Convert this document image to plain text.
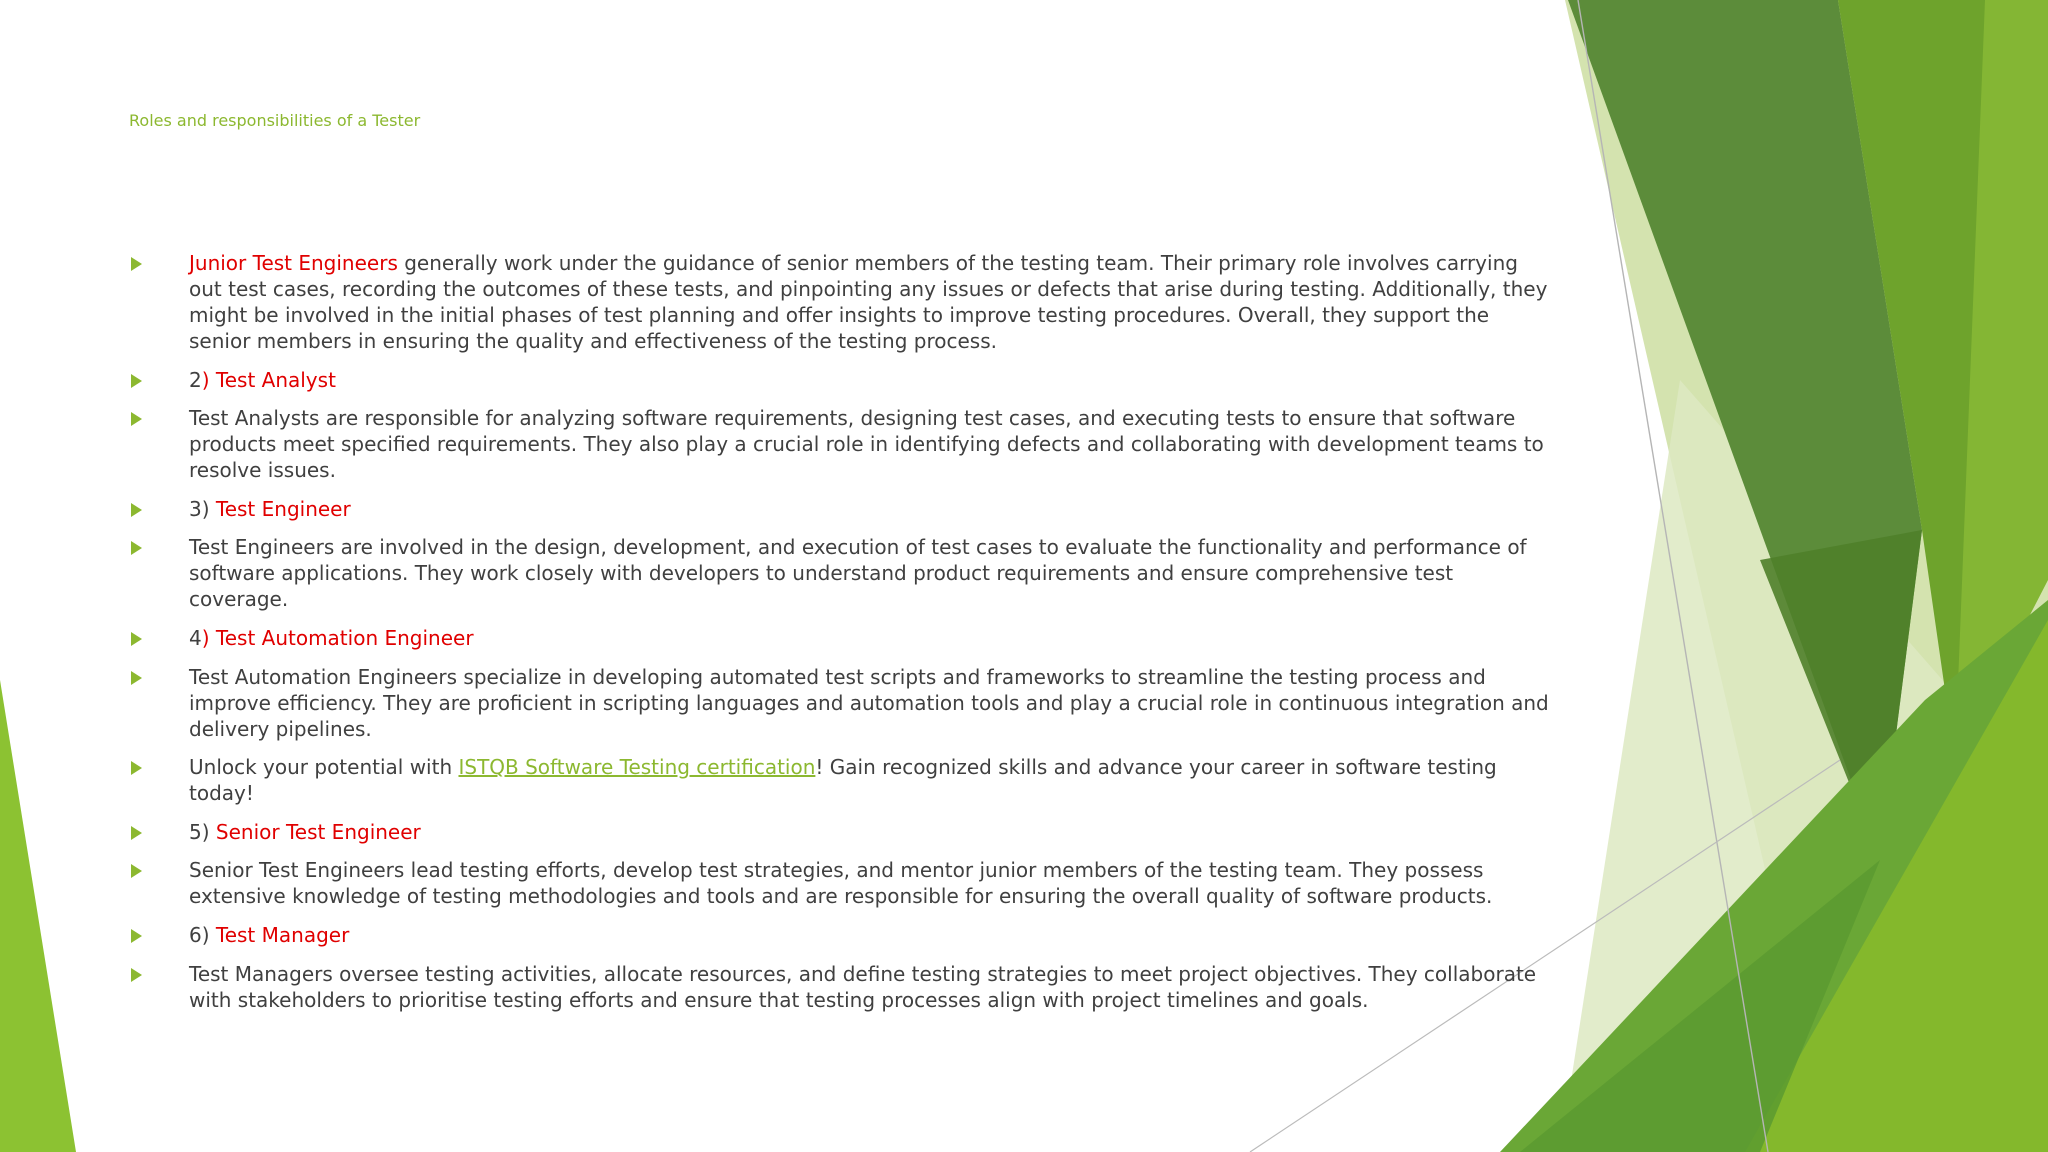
Roles and responsibilities of a Tester
Junior Test Engineers generally work under the guidance of senior members of the testing team. Their primary role involves carrying out test cases, recording the outcomes of these tests, and pinpointing any issues or defects that arise during testing. Additionally, they might be involved in the initial phases of test planning and offer insights to improve testing procedures. Overall, they support the senior members in ensuring the quality and effectiveness of the testing process.
2) Test Analyst
Test Analysts are responsible for analyzing software requirements, designing test cases, and executing tests to ensure that software products meet specified requirements. They also play a crucial role in identifying defects and collaborating with development teams to resolve issues.
3) Test Engineer
Test Engineers are involved in the design, development, and execution of test cases to evaluate the functionality and performance of software applications. They work closely with developers to understand product requirements and ensure comprehensive test coverage.
4) Test Automation Engineer
Test Automation Engineers specialize in developing automated test scripts and frameworks to streamline the testing process and improve efficiency. They are proficient in scripting languages and automation tools and play a crucial role in continuous integration and delivery pipelines.
Unlock your potential with ISTQB Software Testing certification! Gain recognized skills and advance your career in software testing today!
5) Senior Test Engineer
Senior Test Engineers lead testing efforts, develop test strategies, and mentor junior members of the testing team. They possess extensive knowledge of testing methodologies and tools and are responsible for ensuring the overall quality of software products.
6) Test Manager
Test Managers oversee testing activities, allocate resources, and define testing strategies to meet project objectives. They collaborate with stakeholders to prioritise testing efforts and ensure that testing processes align with project timelines and goals.
